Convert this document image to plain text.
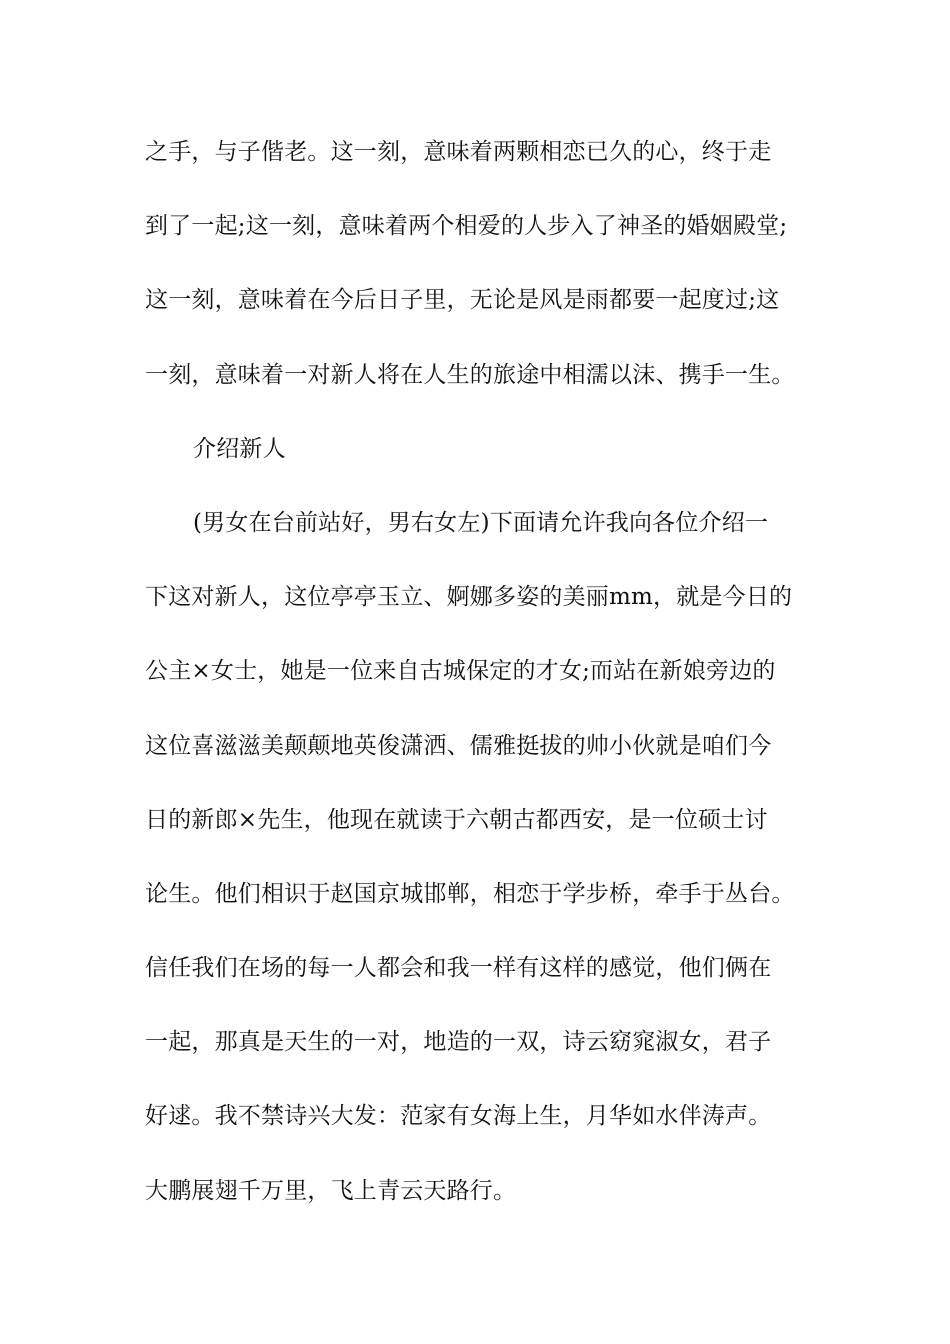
之手，与子偕老。这一刻，意味着两颗相恋已久的心，终于走
到了一起;这一刻，意味着两个相爱的人步入了神圣的婚姻殿堂;
这一刻，意味着在今后日子里，无论是风是雨都要一起度过;这
一刻，意味着一对新人将在人生的旅途中相濡以沫、携手一生。
介绍新人
(男女在台前站好，男右女左)下面请允许我向各位介绍一
下这对新人，这位亭亭玉立、婀娜多姿的美丽mm，就是今日的
公主×女士，她是一位来自古城保定的才女;而站在新娘旁边的
这位喜滋滋美颠颠地英俊潇洒、儒雅挺拔的帅小伙就是咱们今
日的新郎×先生，他现在就读于六朝古都西安，是一位硕士讨
论生。他们相识于赵国京城邯郸，相恋于学步桥，牵手于丛台。
信任我们在场的每一人都会和我一样有这样的感觉，他们俩在
一起，那真是天生的一对，地造的一双，诗云窈窕淑女，君子
好逑。我不禁诗兴大发：范家有女海上生，月华如水伴涛声。
大鹏展翅千万里，飞上青云天路行。
